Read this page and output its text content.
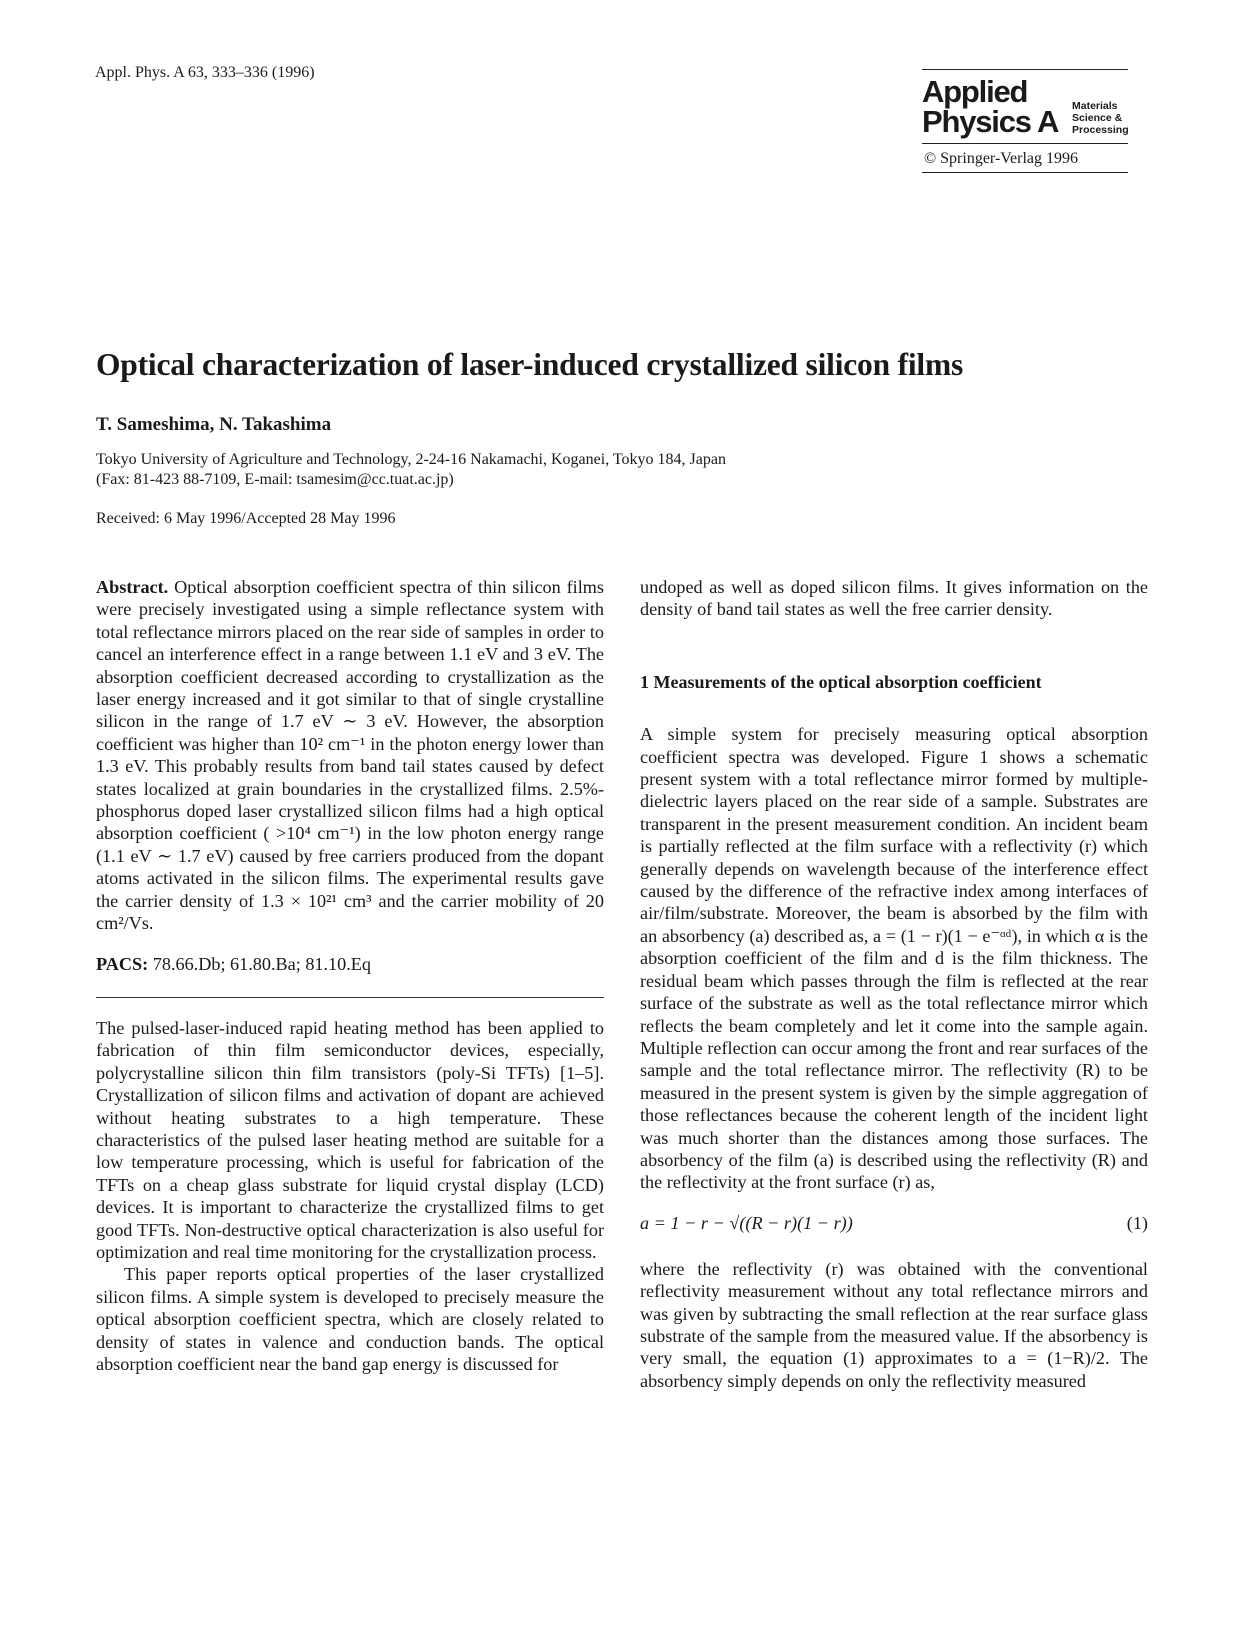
Appl. Phys. A 63, 333–336 (1996)
Applied
Physics A Materials
Science &
Processing
© Springer-Verlag 1996
Optical characterization of laser-induced crystallized silicon films
T. Sameshima, N. Takashima
Tokyo University of Agriculture and Technology, 2-24-16 Nakamachi, Koganei, Tokyo 184, Japan
(Fax: 81-423 88-7109, E-mail: tsamesim@cc.tuat.ac.jp)
Received: 6 May 1996/Accepted 28 May 1996

Abstract. Optical absorption coefficient spectra of thin silicon films were precisely investigated using a simple reflectance system with total reflectance mirrors placed on the rear side of samples in order to cancel an interference effect in a range between 1.1 eV and 3 eV. The absorption coefficient decreased according to crystallization as the laser energy increased and it got similar to that of single crystalline silicon in the range of 1.7 eV ∼ 3 eV. However, the absorption coefficient was higher than 10² cm⁻¹ in the photon energy lower than 1.3 eV. This probably results from band tail states caused by defect states localized at grain boundaries in the crystallized films. 2.5%-phosphorus doped laser crystallized silicon films had a high optical absorption coefficient ( >10⁴ cm⁻¹) in the low photon energy range (1.1 eV ∼ 1.7 eV) caused by free carriers produced from the dopant atoms activated in the silicon films. The experimental results gave the carrier density of 1.3 × 10²¹ cm³ and the carrier mobility of 20 cm²/Vs.

PACS: 78.66.Db; 61.80.Ba; 81.10.Eq

The pulsed-laser-induced rapid heating method has been applied to fabrication of thin film semiconductor devices, especially, polycrystalline silicon thin film transistors (poly-Si TFTs) [1–5]. Crystallization of silicon films and activation of dopant are achieved without heating substrates to a high temperature. These characteristics of the pulsed laser heating method are suitable for a low temperature processing, which is useful for fabrication of the TFTs on a cheap glass substrate for liquid crystal display (LCD) devices. It is important to characterize the crystallized films to get good TFTs. Non-destructive optical characterization is also useful for optimization and real time monitoring for the crystallization process.

This paper reports optical properties of the laser crystallized silicon films. A simple system is developed to precisely measure the optical absorption coefficient spectra, which are closely related to density of states in valence and conduction bands. The optical absorption coefficient near the band gap energy is discussed for

undoped as well as doped silicon films. It gives information on the density of band tail states as well the free carrier density.

1 Measurements of the optical absorption coefficient

A simple system for precisely measuring optical absorption coefficient spectra was developed. Figure 1 shows a schematic present system with a total reflectance mirror formed by multiple-dielectric layers placed on the rear side of a sample. Substrates are transparent in the present measurement condition. An incident beam is partially reflected at the film surface with a reflectivity (r) which generally depends on wavelength because of the interference effect caused by the difference of the refractive index among interfaces of air/film/substrate. Moreover, the beam is absorbed by the film with an absorbency (a) described as, a = (1 − r)(1 − e⁻ᵅᵈ), in which α is the absorption coefficient of the film and d is the film thickness. The residual beam which passes through the film is reflected at the rear surface of the substrate as well as the total reflectance mirror which reflects the beam completely and let it come into the sample again. Multiple reflection can occur among the front and rear surfaces of the sample and the total reflectance mirror. The reflectivity (R) to be measured in the present system is given by the simple aggregation of those reflectances because the coherent length of the incident light was much shorter than the distances among those surfaces. The absorbency of the film (a) is described using the reflectivity (R) and the reflectivity at the front surface (r) as,

a = 1 − r − √((R − r)(1 − r))	(1)

where the reflectivity (r) was obtained with the conventional reflectivity measurement without any total reflectance mirrors and was given by subtracting the small reflection at the rear surface glass substrate of the sample from the measured value. If the absorbency is very small, the equation (1) approximates to a = (1−R)/2. The absorbency simply depends on only the reflectivity measured
